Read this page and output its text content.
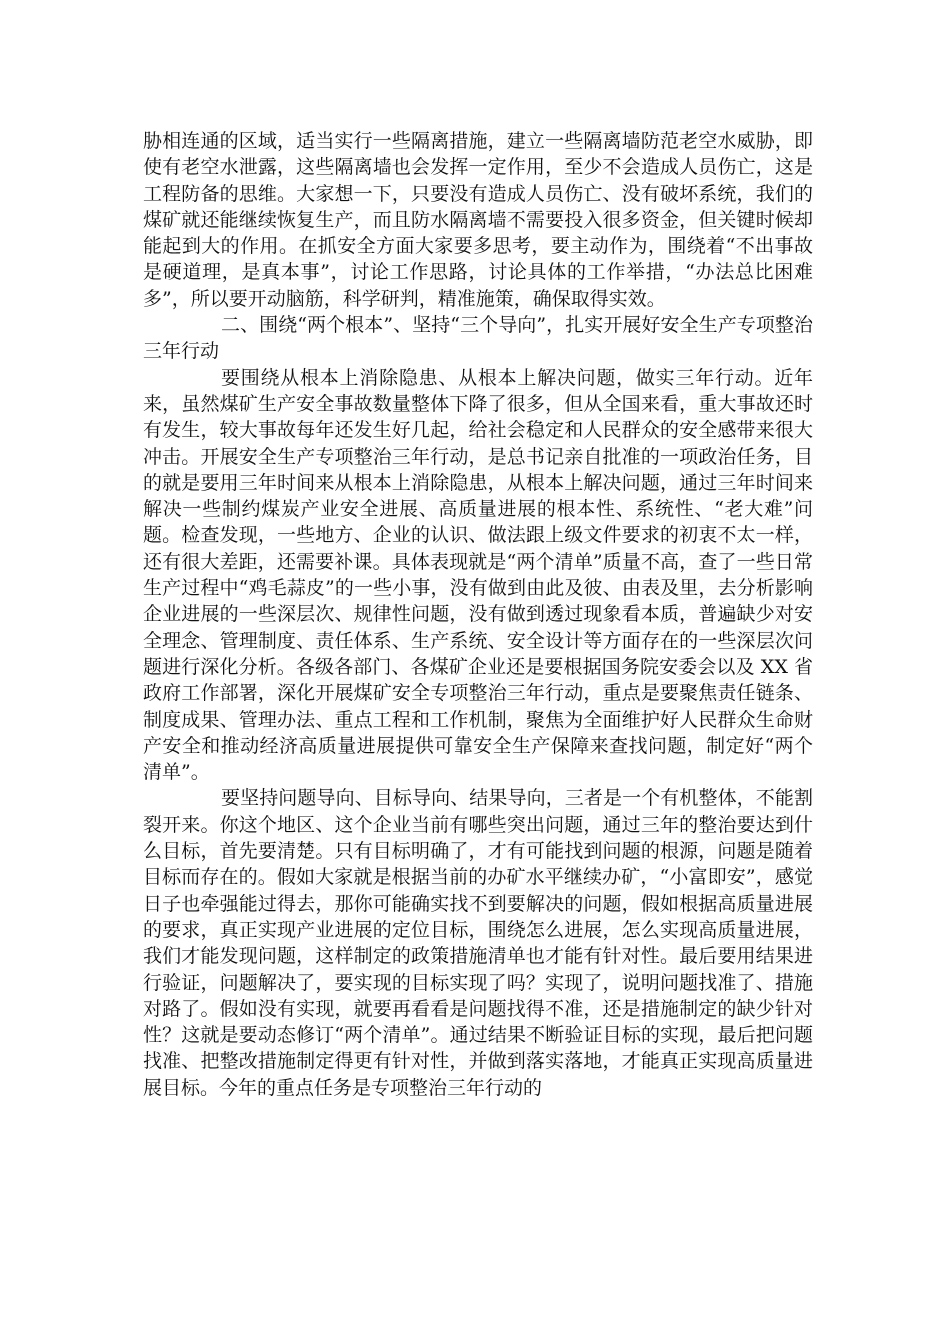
胁相连通的区域，适当实行一些隔离措施，建立一些隔离墙防范老空水威胁，即使有老空水泄露，这些隔离墙也会发挥一定作用，至少不会造成人员伤亡，这是工程防备的思维。大家想一下，只要没有造成人员伤亡、没有破坏系统，我们的煤矿就还能继续恢复生产，而且防水隔离墙不需要投入很多资金，但关键时候却能起到大的作用。在抓安全方面大家要多思考，要主动作为，围绕着“不出事故是硬道理，是真本事”，讨论工作思路，讨论具体的工作举措，“办法总比困难多”，所以要开动脑筋，科学研判，精准施策，确保取得实效。

二、围绕“两个根本”、坚持“三个导向”，扎实开展好安全生产专项整治三年行动

要围绕从根本上消除隐患、从根本上解决问题，做实三年行动。近年来，虽然煤矿生产安全事故数量整体下降了很多，但从全国来看，重大事故还时有发生，较大事故每年还发生好几起，给社会稳定和人民群众的安全感带来很大冲击。开展安全生产专项整治三年行动，是总书记亲自批准的一项政治任务，目的就是要用三年时间来从根本上消除隐患，从根本上解决问题，通过三年时间来解决一些制约煤炭产业安全进展、高质量进展的根本性、系统性、“老大难”问题。检查发现，一些地方、企业的认识、做法跟上级文件要求的初衷不太一样，还有很大差距，还需要补课。具体表现就是“两个清单”质量不高，查了一些日常生产过程中“鸡毛蒜皮”的一些小事，没有做到由此及彼、由表及里，去分析影响企业进展的一些深层次、规律性问题，没有做到透过现象看本质，普遍缺少对安全理念、管理制度、责任体系、生产系统、安全设计等方面存在的一些深层次问题进行深化分析。各级各部门、各煤矿企业还是要根据国务院安委会以及 XX 省政府工作部署，深化开展煤矿安全专项整治三年行动，重点是要聚焦责任链条、制度成果、管理办法、重点工程和工作机制，聚焦为全面维护好人民群众生命财产安全和推动经济高质量进展提供可靠安全生产保障来查找问题，制定好“两个清单”。

要坚持问题导向、目标导向、结果导向，三者是一个有机整体，不能割裂开来。你这个地区、这个企业当前有哪些突出问题，通过三年的整治要达到什么目标，首先要清楚。只有目标明确了，才有可能找到问题的根源，问题是随着目标而存在的。假如大家就是根据当前的办矿水平继续办矿，“小富即安”，感觉日子也牵强能过得去，那你可能确实找不到要解决的问题，假如根据高质量进展的要求，真正实现产业进展的定位目标，围绕怎么进展，怎么实现高质量进展，我们才能发现问题，这样制定的政策措施清单也才能有针对性。最后要用结果进行验证，问题解决了，要实现的目标实现了吗？实现了，说明问题找准了、措施对路了。假如没有实现，就要再看看是问题找得不准，还是措施制定的缺少针对性？这就是要动态修订“两个清单”。通过结果不断验证目标的实现，最后把问题找准、把整改措施制定得更有针对性，并做到落实落地，才能真正实现高质量进展目标。今年的重点任务是专项整治三年行动的
